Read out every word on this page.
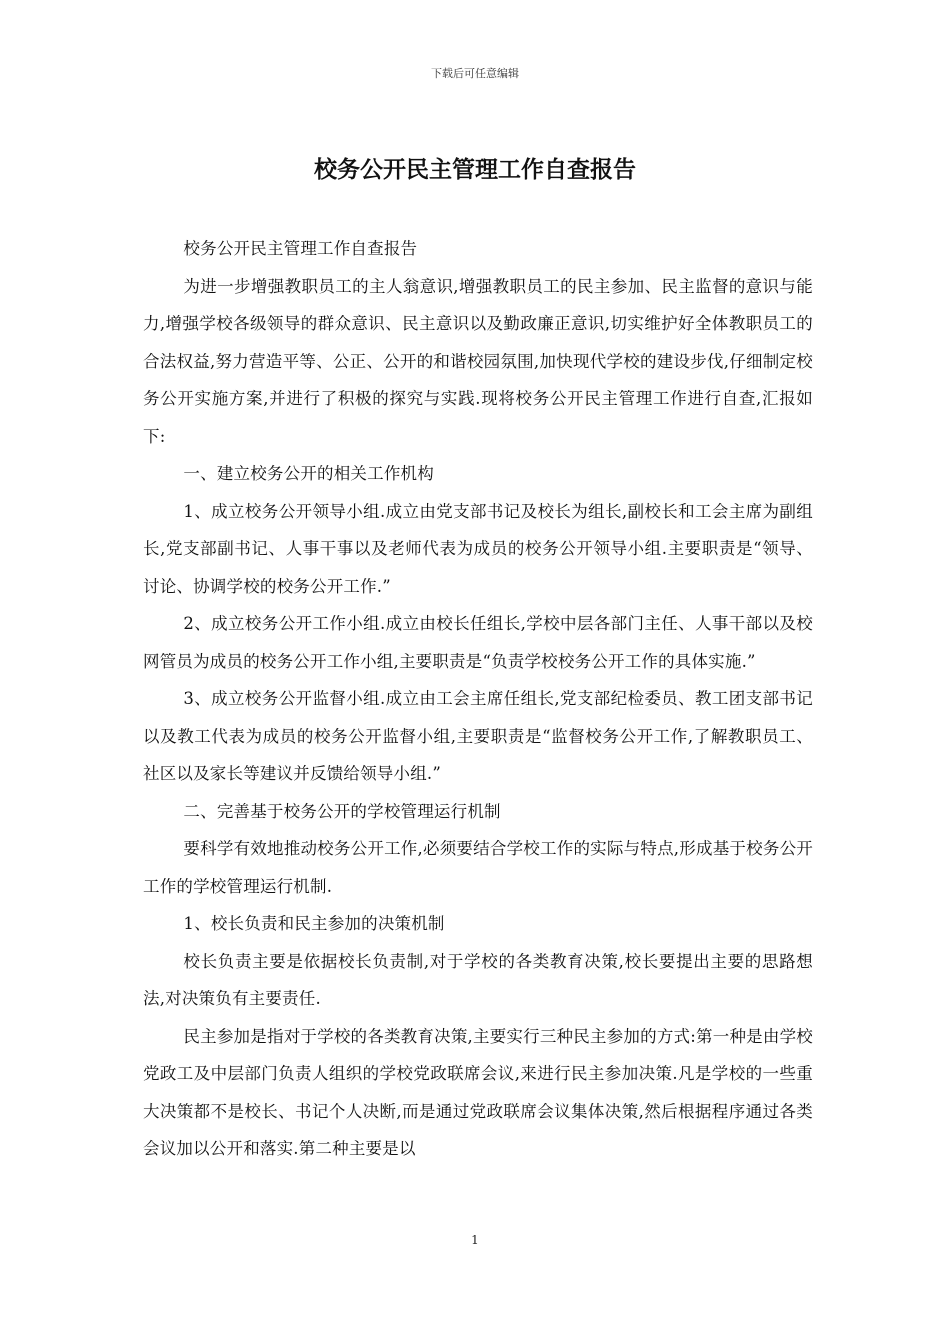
下载后可任意编辑
校务公开民主管理工作自查报告

校务公开民主管理工作自查报告

为进一步增强教职员工的主人翁意识,增强教职员工的民主参加、民主监督的意识与能力,增强学校各级领导的群众意识、民主意识以及勤政廉正意识,切实维护好全体教职员工的合法权益,努力营造平等、公正、公开的和谐校园氛围,加快现代学校的建设步伐,仔细制定校务公开实施方案,并进行了积极的探究与实践.现将校务公开民主管理工作进行自查,汇报如下:

一、建立校务公开的相关工作机构

1、成立校务公开领导小组.成立由党支部书记及校长为组长,副校长和工会主席为副组长,党支部副书记、人事干事以及老师代表为成员的校务公开领导小组.主要职责是“领导、讨论、协调学校的校务公开工作.”

2、成立校务公开工作小组.成立由校长任组长,学校中层各部门主任、人事干部以及校网管员为成员的校务公开工作小组,主要职责是“负责学校校务公开工作的具体实施.”

3、成立校务公开监督小组.成立由工会主席任组长,党支部纪检委员、教工团支部书记以及教工代表为成员的校务公开监督小组,主要职责是“监督校务公开工作,了解教职员工、社区以及家长等建议并反馈给领导小组.”

二、完善基于校务公开的学校管理运行机制

要科学有效地推动校务公开工作,必须要结合学校工作的实际与特点,形成基于校务公开工作的学校管理运行机制.

1、校长负责和民主参加的决策机制

校长负责主要是依据校长负责制,对于学校的各类教育决策,校长要提出主要的思路想法,对决策负有主要责任.

民主参加是指对于学校的各类教育决策,主要实行三种民主参加的方式:第一种是由学校党政工及中层部门负责人组织的学校党政联席会议,来进行民主参加决策.凡是学校的一些重大决策都不是校长、书记个人决断,而是通过党政联席会议集体决策,然后根据程序通过各类会议加以公开和落实.第二种主要是以

1
